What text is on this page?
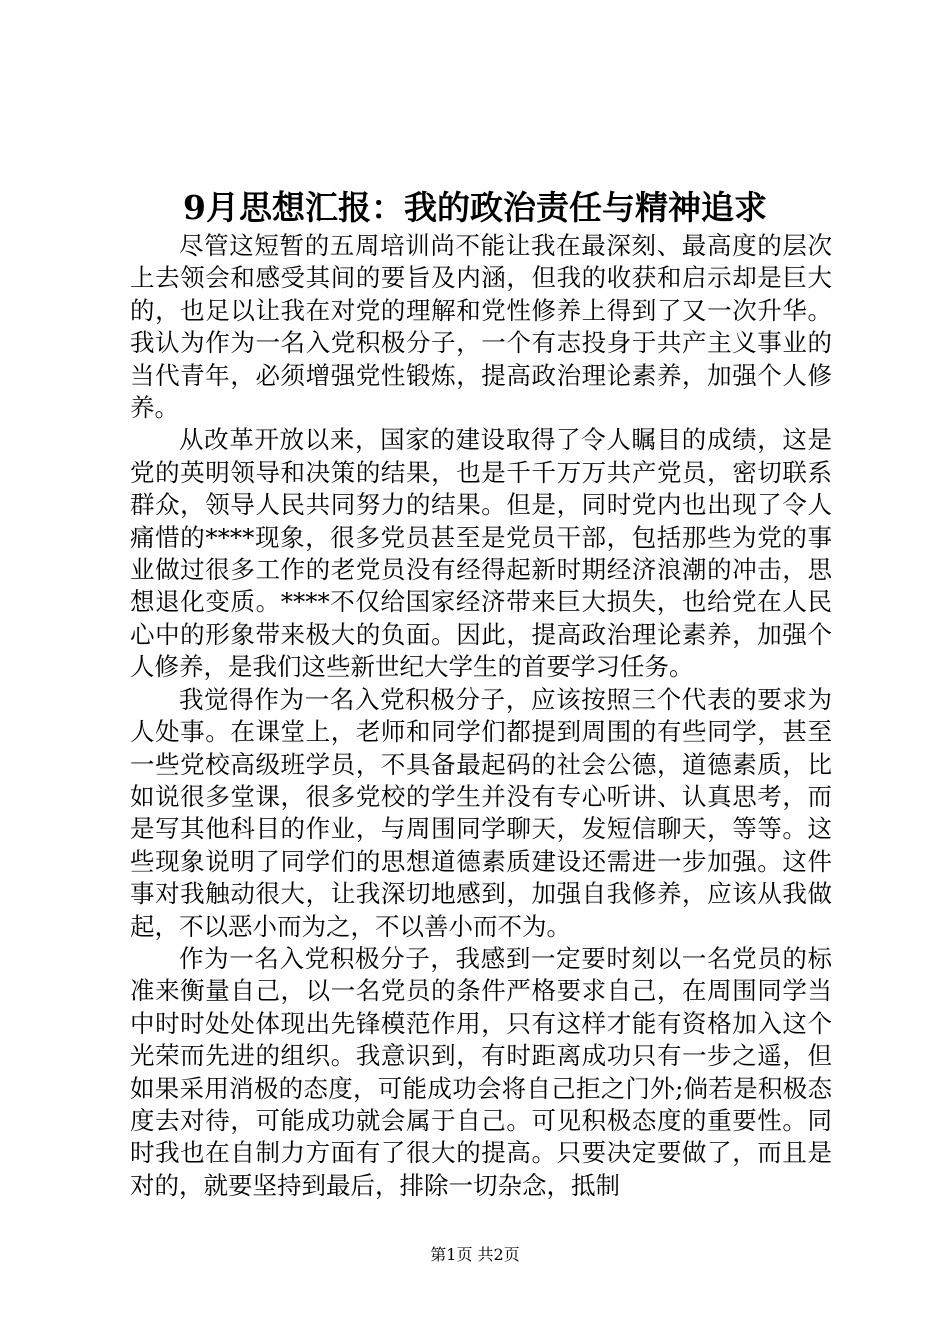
9月思想汇报：我的政治责任与精神追求

尽管这短暂的五周培训尚不能让我在最深刻、最高度的层次上去领会和感受其间的要旨及内涵，但我的收获和启示却是巨大的，也足以让我在对党的理解和党性修养上得到了又一次升华。我认为作为一名入党积极分子，一个有志投身于共产主义事业的当代青年，必须增强党性锻炼，提高政治理论素养，加强个人修养。

从改革开放以来，国家的建设取得了令人瞩目的成绩，这是党的英明领导和决策的结果，也是千千万万共产党员，密切联系群众，领导人民共同努力的结果。但是，同时党内也出现了令人痛惜的****现象，很多党员甚至是党员干部，包括那些为党的事业做过很多工作的老党员没有经得起新时期经济浪潮的冲击，思想退化变质。****不仅给国家经济带来巨大损失，也给党在人民心中的形象带来极大的负面。因此，提高政治理论素养，加强个人修养，是我们这些新世纪大学生的首要学习任务。

我觉得作为一名入党积极分子，应该按照三个代表的要求为人处事。在课堂上，老师和同学们都提到周围的有些同学，甚至一些党校高级班学员，不具备最起码的社会公德，道德素质，比如说很多堂课，很多党校的学生并没有专心听讲、认真思考，而是写其他科目的作业，与周围同学聊天，发短信聊天，等等。这些现象说明了同学们的思想道德素质建设还需进一步加强。这件事对我触动很大，让我深切地感到，加强自我修养，应该从我做起，不以恶小而为之，不以善小而不为。

作为一名入党积极分子，我感到一定要时刻以一名党员的标准来衡量自己，以一名党员的条件严格要求自己，在周围同学当中时时处处体现出先锋模范作用，只有这样才能有资格加入这个光荣而先进的组织。我意识到，有时距离成功只有一步之遥，但如果采用消极的态度，可能成功会将自己拒之门外;倘若是积极态度去对待，可能成功就会属于自己。可见积极态度的重要性。同时我也在自制力方面有了很大的提高。只要决定要做了，而且是对的，就要坚持到最后，排除一切杂念，抵制

第1页 共2页
